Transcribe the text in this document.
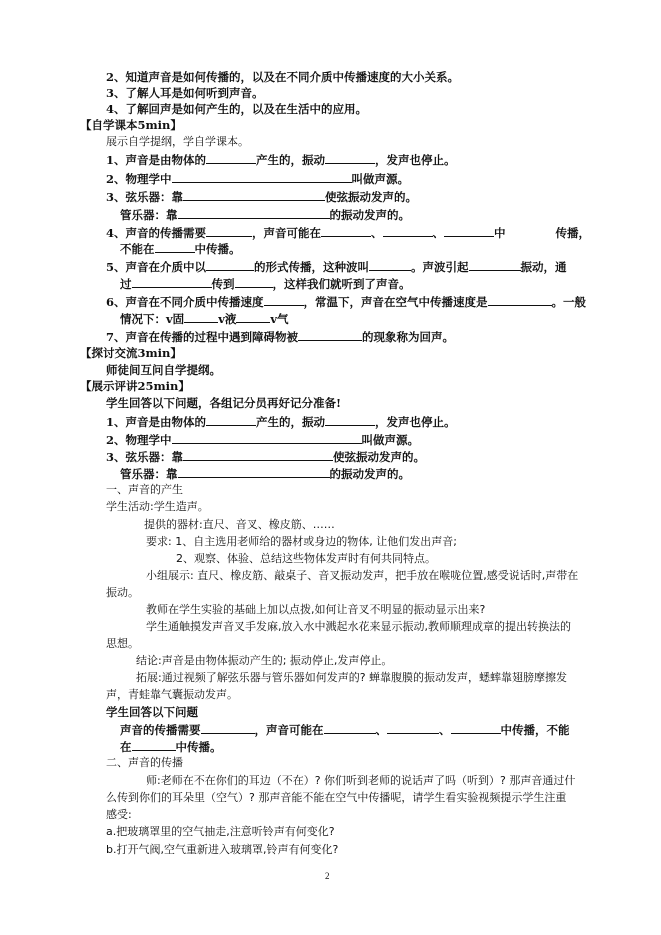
2、知道声音是如何传播的，以及在不同介质中传播速度的大小关系。
3、了解人耳是如何听到声音。
4、了解回声是如何产生的，以及在生活中的应用。
【自学课本5min】
展示自学提纲，学自学课本。
1、声音是由物体的	产生的，振动	，发声也停止。
2、物理学中	叫做声源。
3、弦乐器：靠	使弦振动发声的。
管乐器：靠	的振动发声的。
4、声音的传播需要	，声音可能在	、	、	中	传播，
不能在	中传播。
5、声音在介质中以	的形式传播，这种波叫	。声波引起	振动，通
过	传到	，这样我们就听到了声音。
6、声音在不同介质中传播速度	，常温下，声音在空气中传播速度是	。一般
情况下：v固	v液	v气
7、声音在传播的过程中遇到障碍物被	的现象称为回声。
【探讨交流3min】
师徒间互问自学提纲。
【展示评讲25min】
学生回答以下问题，各组记分员再好记分准备!
1、声音是由物体的	产生的，振动	，发声也停止。
2、物理学中	叫做声源。
3、弦乐器：靠	使弦振动发声的。
管乐器：靠	的振动发声的。
一、声音的产生
学生活动:学生造声。
提供的器材:直尺、音叉、橡皮筋、……
要求: 1、自主选用老师给的器材或身边的物体, 让他们发出声音;
2、观察、体验、总结这些物体发声时有何共同特点。
小组展示: 直尺、橡皮筋、敲桌子、音叉振动发声，把手放在喉咙位置,感受说话时,声带在
振动。
教师在学生实验的基础上加以点拨,如何让音叉不明显的振动显示出来?
学生通触摸发声音叉手发麻,放入水中溅起水花来显示振动,教师顺理成章的提出转换法的
思想。
结论:声音是由物体振动产生的; 振动停止,发声停止。
拓展:通过视频了解弦乐器与管乐器如何发声的? 蝉靠腹膜的振动发声，蟋蟀靠翅膀摩擦发
声，青蛙靠气囊振动发声。
学生回答以下问题
声音的传播需要	，声音可能在	、	、	中传播，不能
在	中传播。
二、声音的传播
师:老师在不在你们的耳边（不在）? 你们听到老师的说话声了吗（听到）? 那声音通过什
么传到你们的耳朵里（空气）? 那声音能不能在空气中传播呢，请学生看实验视频提示学生注重
感受:
a.把玻璃罩里的空气抽走,注意听铃声有何变化?
b.打开气阀,空气重新进入玻璃罩,铃声有何变化?
2
